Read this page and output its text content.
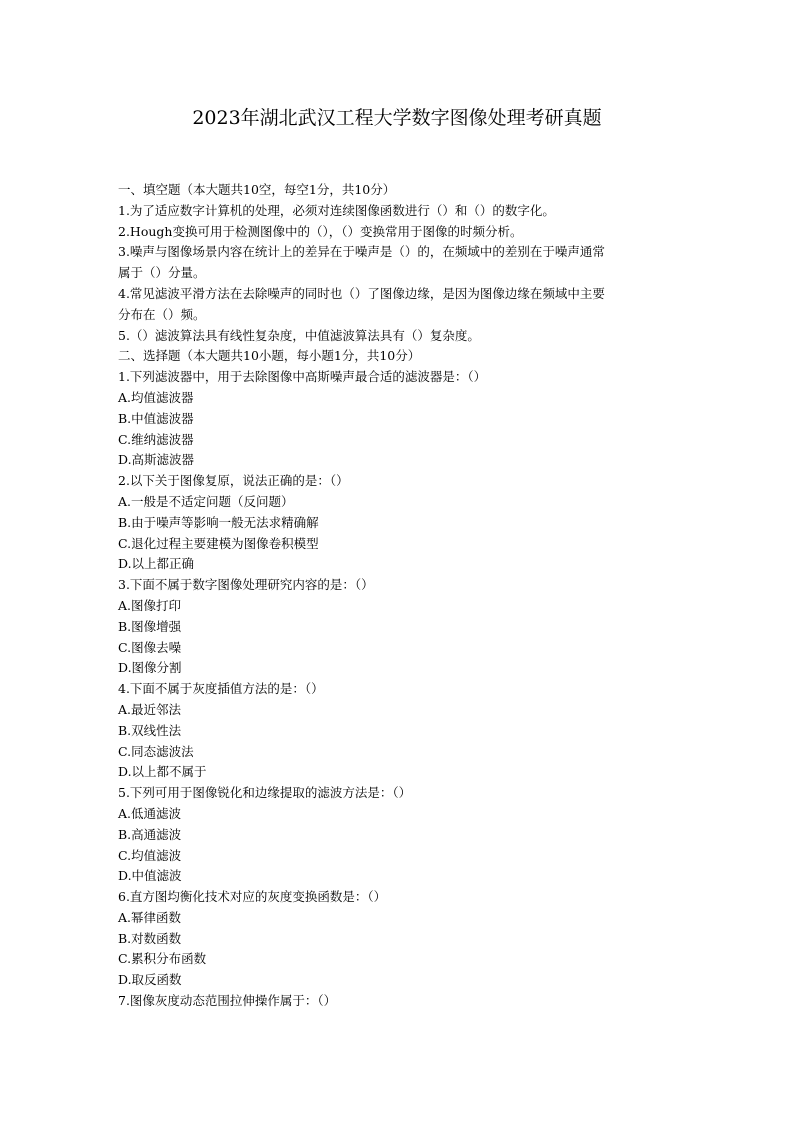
2023年湖北武汉工程大学数字图像处理考研真题

一、填空题（本大题共10空，每空1分，共10分）

1.为了适应数字计算机的处理，必须对连续图像函数进行（）和（）的数字化。

2.Hough变换可用于检测图像中的（），（）变换常用于图像的时频分析。

3.噪声与图像场景内容在统计上的差异在于噪声是（）的，在频域中的差别在于噪声通常

属于（）分量。

4.常见滤波平滑方法在去除噪声的同时也（）了图像边缘，是因为图像边缘在频域中主要

分布在（）频。

5.（）滤波算法具有线性复杂度，中值滤波算法具有（）复杂度。

二、选择题（本大题共10小题，每小题1分，共10分）

1.下列滤波器中，用于去除图像中高斯噪声最合适的滤波器是：（）

A.均值滤波器

B.中值滤波器

C.维纳滤波器

D.高斯滤波器

2.以下关于图像复原，说法正确的是：（）

A.一般是不适定问题（反问题）

B.由于噪声等影响一般无法求精确解

C.退化过程主要建模为图像卷积模型

D.以上都正确

3.下面不属于数字图像处理研究内容的是：（）

A.图像打印

B.图像增强

C.图像去噪

D.图像分割

4.下面不属于灰度插值方法的是：（）

A.最近邻法

B.双线性法

C.同态滤波法

D.以上都不属于

5.下列可用于图像锐化和边缘提取的滤波方法是：（）

A.低通滤波

B.高通滤波

C.均值滤波

D.中值滤波

6.直方图均衡化技术对应的灰度变换函数是：（）

A.幂律函数

B.对数函数

C.累积分布函数

D.取反函数

7.图像灰度动态范围拉伸操作属于：（）
